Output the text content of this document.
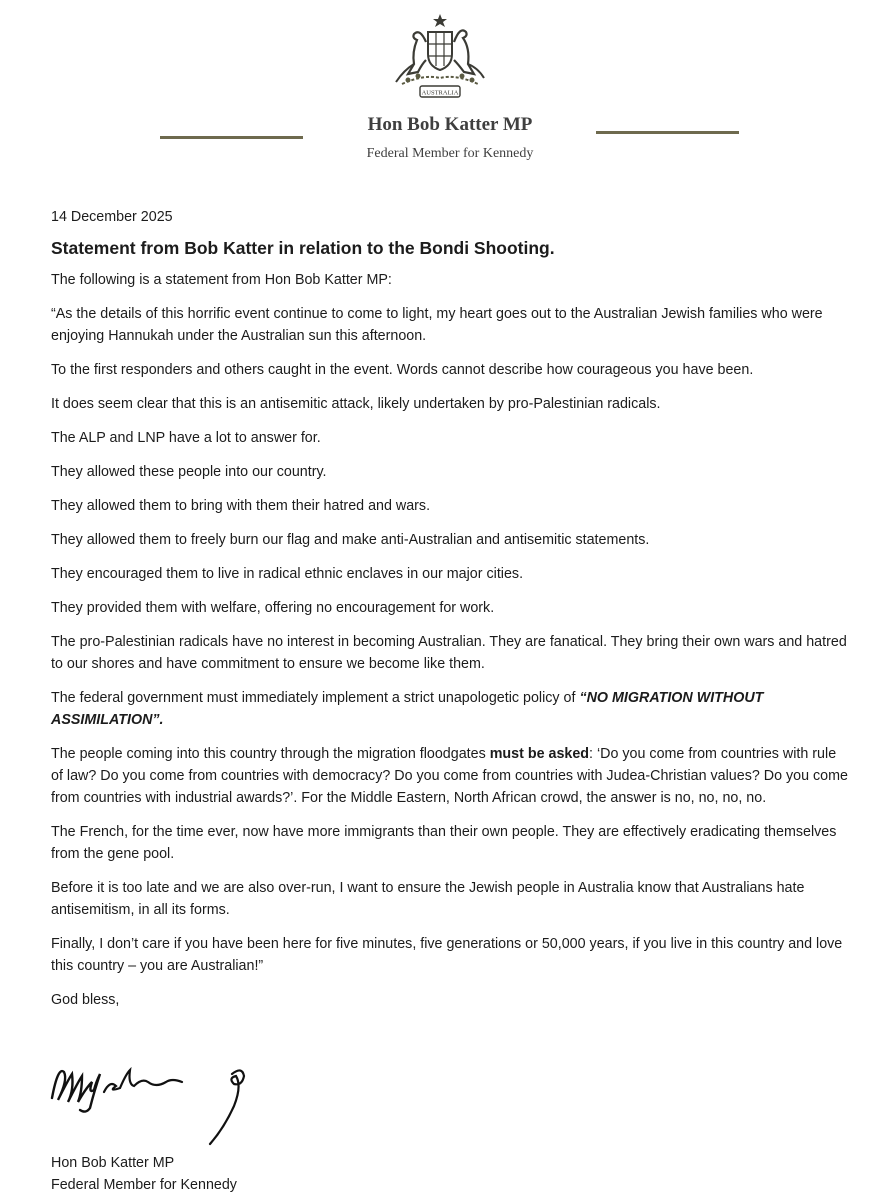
AUSTRALIA
Hon Bob Katter MP
Federal Member for Kennedy

14 December 2025

Statement from Bob Katter in relation to the Bondi Shooting.

The following is a statement from Hon Bob Katter MP:

“As the details of this horrific event continue to come to light, my heart goes out to the Australian Jewish families who were enjoying Hannukah under the Australian sun this afternoon.

To the first responders and others caught in the event. Words cannot describe how courageous you have been.

It does seem clear that this is an antisemitic attack, likely undertaken by pro-Palestinian radicals.

The ALP and LNP have a lot to answer for.

They allowed these people into our country.

They allowed them to bring with them their hatred and wars.

They allowed them to freely burn our flag and make anti-Australian and antisemitic statements.

They encouraged them to live in radical ethnic enclaves in our major cities.

They provided them with welfare, offering no encouragement for work.

The pro-Palestinian radicals have no interest in becoming Australian. They are fanatical. They bring their own wars and hatred to our shores and have commitment to ensure we become like them.

The federal government must immediately implement a strict unapologetic policy of “NO MIGRATION WITHOUT ASSIMILATION”.

The people coming into this country through the migration floodgates must be asked: ‘Do you come from countries with rule of law? Do you come from countries with democracy? Do you come from countries with Judea-Christian values? Do you come from countries with industrial awards?’. For the Middle Eastern, North African crowd, the answer is no, no, no, no.

The French, for the time ever, now have more immigrants than their own people. They are effectively eradicating themselves from the gene pool.

Before it is too late and we are also over-run, I want to ensure the Jewish people in Australia know that Australians hate antisemitism, in all its forms.

Finally, I don’t care if you have been here for five minutes, five generations or 50,000 years, if you live in this country and love this country – you are Australian!”

God bless,

Hon Bob Katter MP
Federal Member for Kennedy
